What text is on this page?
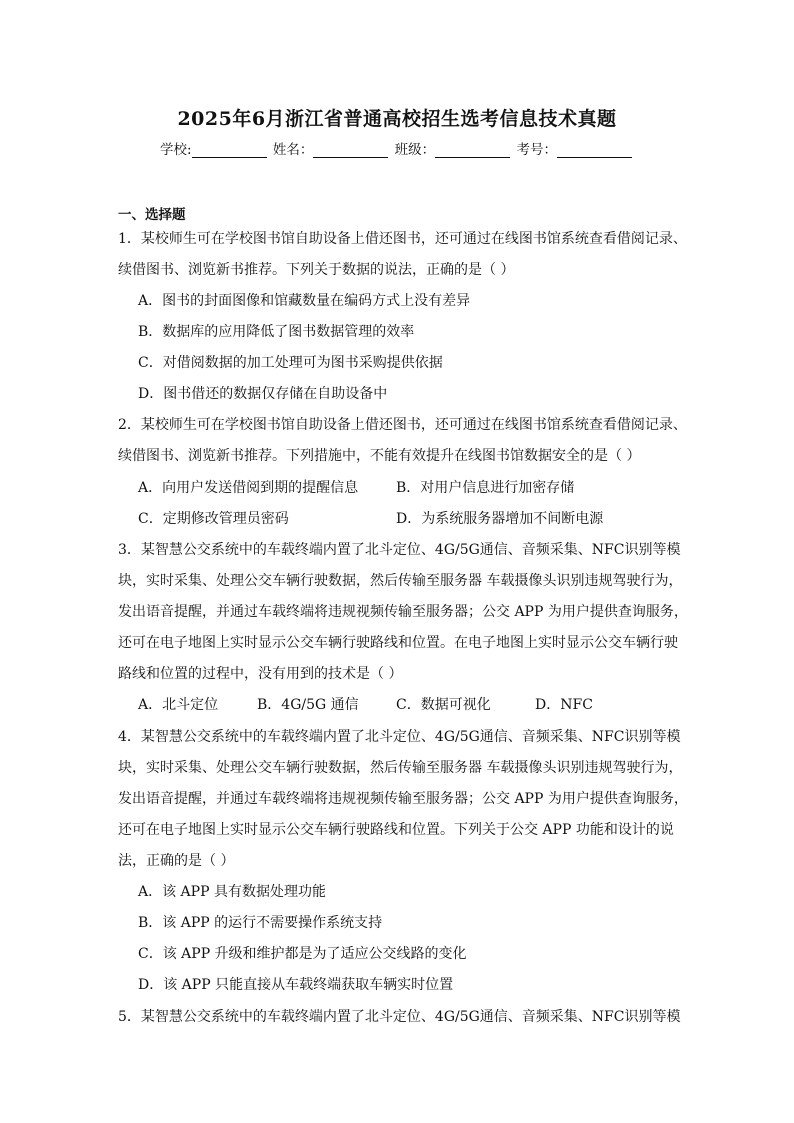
2025年6月浙江省普通高校招生选考信息技术真题
学校:	姓名：	班级：	考号：
一、选择题
1．某校师生可在学校图书馆自助设备上借还图书，还可通过在线图书馆系统查看借阅记录、
续借图书、浏览新书推荐。下列关于数据的说法，正确的是（ ）
A．图书的封面图像和馆藏数量在编码方式上没有差异
B．数据库的应用降低了图书数据管理的效率
C．对借阅数据的加工处理可为图书采购提供依据
D．图书借还的数据仅存储在自助设备中
2．某校师生可在学校图书馆自助设备上借还图书，还可通过在线图书馆系统查看借阅记录、
续借图书、浏览新书推荐。下列措施中，不能有效提升在线图书馆数据安全的是（ ）
A．向用户发送借阅到期的提醒信息	B．对用户信息进行加密存储
C．定期修改管理员密码	D．为系统服务器增加不间断电源
3．某智慧公交系统中的车载终端内置了北斗定位、4G/5G通信、音频采集、NFC识别等模
块，实时采集、处理公交车辆行驶数据，然后传输至服务器 车载摄像头识别违规驾驶行为，
发出语音提醒，并通过车载终端将违规视频传输至服务器；公交 APP 为用户提供查询服务，
还可在电子地图上实时显示公交车辆行驶路线和位置。在电子地图上实时显示公交车辆行驶
路线和位置的过程中，没有用到的技术是（ ）
A．北斗定位	B．4G/5G 通信	C．数据可视化	D．NFC
4．某智慧公交系统中的车载终端内置了北斗定位、4G/5G通信、音频采集、NFC识别等模
块，实时采集、处理公交车辆行驶数据，然后传输至服务器 车载摄像头识别违规驾驶行为，
发出语音提醒，并通过车载终端将违规视频传输至服务器；公交 APP 为用户提供查询服务，
还可在电子地图上实时显示公交车辆行驶路线和位置。下列关于公交 APP 功能和设计的说
法，正确的是（ ）
A．该 APP 具有数据处理功能
B．该 APP 的运行不需要操作系统支持
C．该 APP 升级和维护都是为了适应公交线路的变化
D．该 APP 只能直接从车载终端获取车辆实时位置
5．某智慧公交系统中的车载终端内置了北斗定位、4G/5G通信、音频采集、NFC识别等模
